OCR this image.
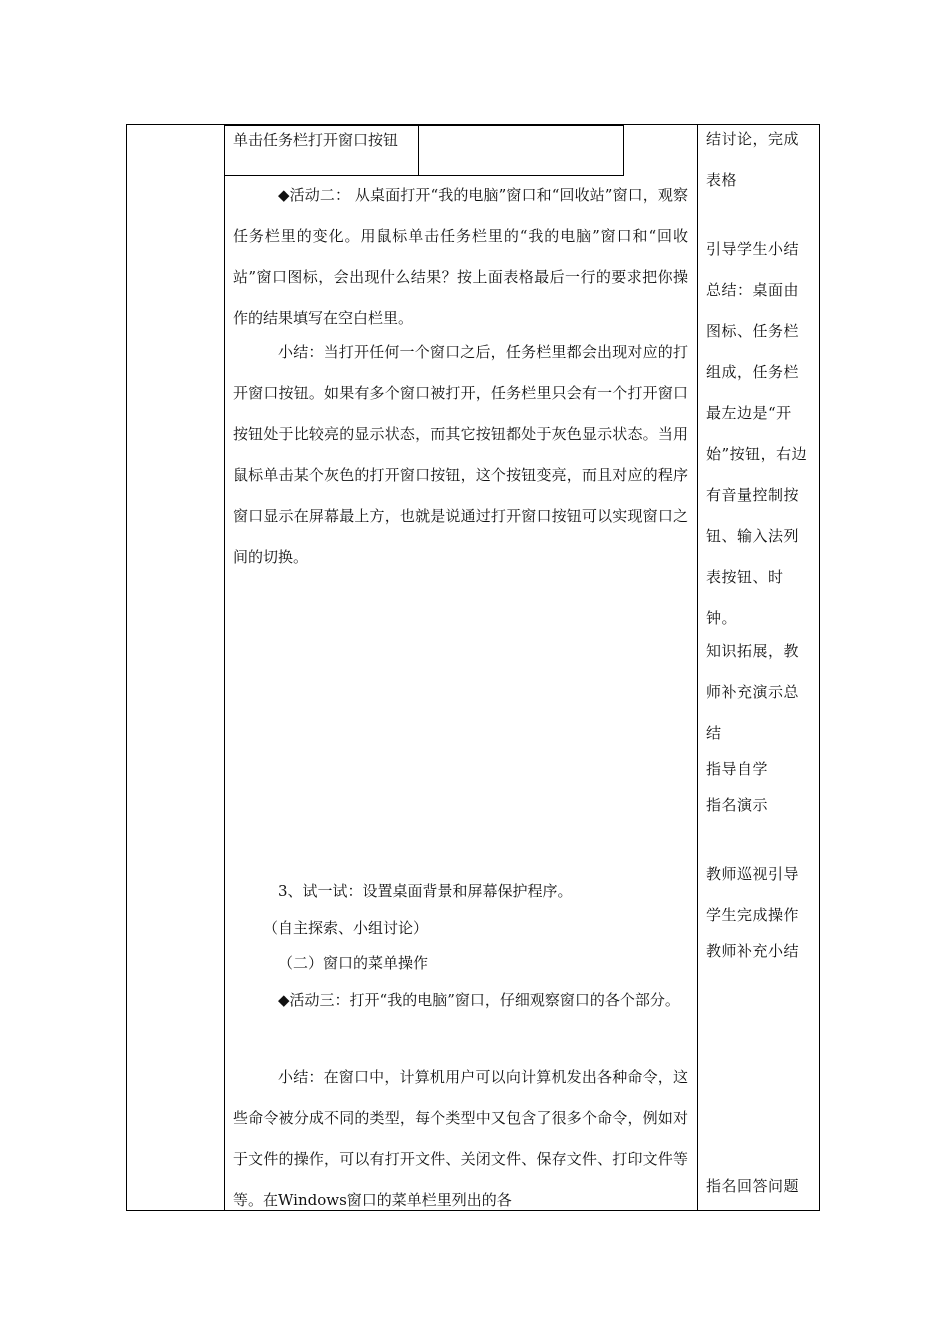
单击任务栏打开窗口按钮

◆活动二： 从桌面打开“我的电脑”窗口和“回收站”窗口，观察任务栏里的变化。用鼠标单击任务栏里的“我的电脑”窗口和“回收站”窗口图标，会出现什么结果？按上面表格最后一行的要求把你操作的结果填写在空白栏里。

小结：当打开任何一个窗口之后，任务栏里都会出现对应的打开窗口按钮。如果有多个窗口被打开，任务栏里只会有一个打开窗口按钮处于比较亮的显示状态，而其它按钮都处于灰色显示状态。当用鼠标单击某个灰色的打开窗口按钮，这个按钮变亮，而且对应的程序窗口显示在屏幕最上方，也就是说通过打开窗口按钮可以实现窗口之间的切换。

3、试一试：设置桌面背景和屏幕保护程序。

（自主探索、小组讨论）

（二）窗口的菜单操作

◆活动三：打开“我的电脑”窗口，仔细观察窗口的各个部分。

小结：在窗口中，计算机用户可以向计算机发出各种命令，这些命令被分成不同的类型，每个类型中又包含了很多个命令，例如对于文件的操作，可以有打开文件、关闭文件、保存文件、打印文件等等。在Windows窗口的菜单栏里列出的各

结讨论，完成表格

引导学生小结总结：桌面由图标、任务栏组成，任务栏最左边是“开始”按钮，右边有音量控制按钮、输入法列表按钮、时钟。

知识拓展，教师补充演示总结

指导自学

指名演示

教师巡视引导学生完成操作

教师补充小结

指名回答问题
